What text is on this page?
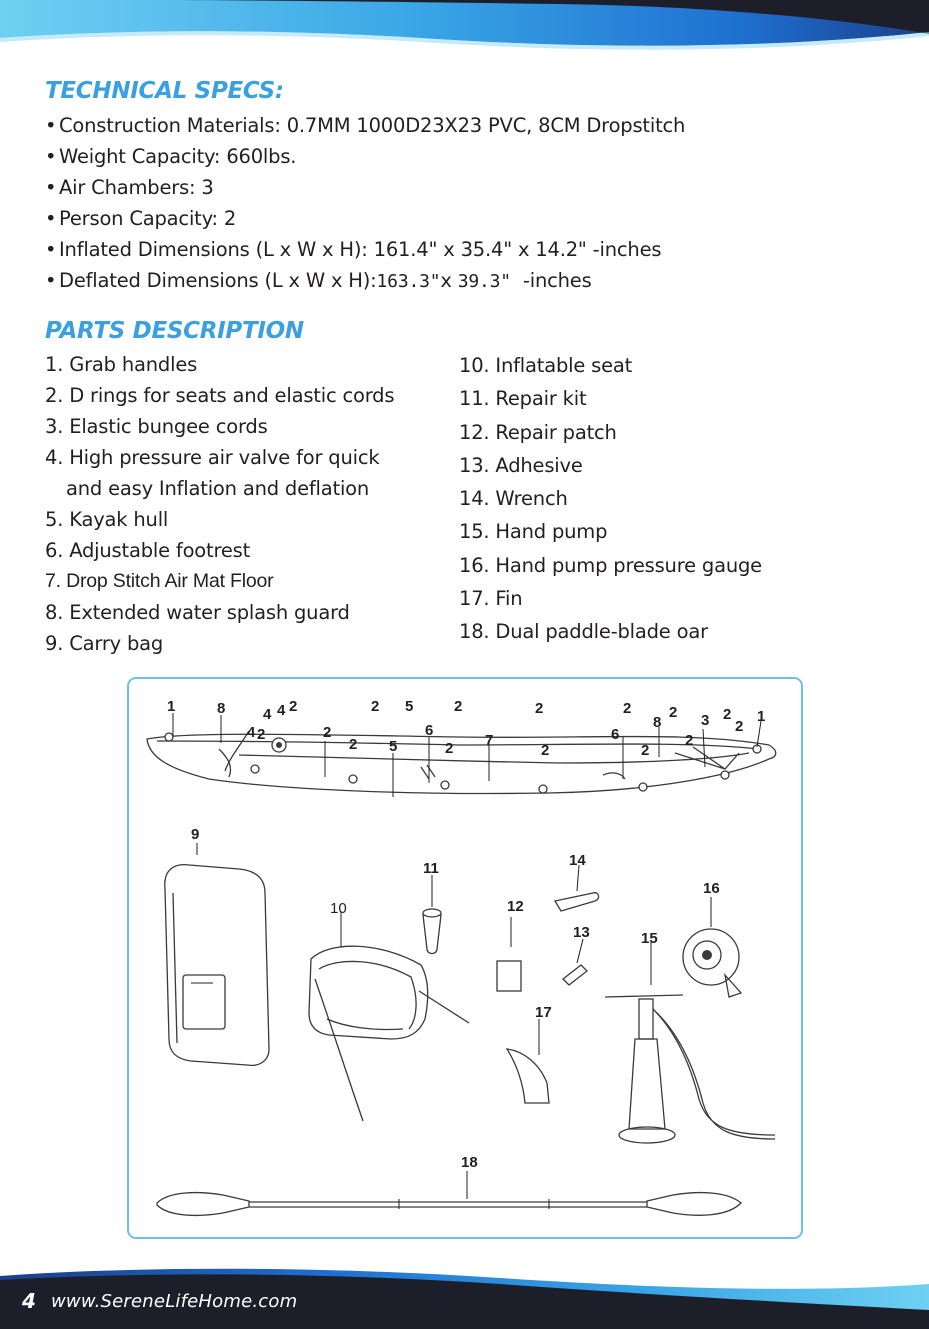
TECHNICAL SPECS:
• Construction Materials: 0.7MM 1000D23X23 PVC, 8CM Dropstitch
• Weight Capacity: 660lbs.
• Air Chambers: 3
• Person Capacity: 2
• Inflated Dimensions (L x W x H): 161.4" x 35.4" x 14.2" -inches
• Deflated Dimensions (L x W x H):163.3"x 39.3" -inches
PARTS DESCRIPTION
1. Grab handles
2. D rings for seats and elastic cords
3. Elastic bungee cords
4. High pressure air valve for quick
and easy Inflation and deflation
5. Kayak hull
6. Adjustable footrest
7. Drop Stitch Air Mat Floor
8. Extended water splash guard
9. Carry bag
10. Inflatable seat
11. Repair kit
12. Repair patch
13. Adhesive
14. Wrench
15. Hand pump
16. Hand pump pressure gauge
17. Fin
18. Dual paddle-blade oar
1	8	4 4 2	2 5	2	2	2
8
2 3 2
2
1
4 2	2
2 5
6
2 7
2
6
2
2
9
10
11
12
13
14
17
15
16
18
4 www.SereneLifeHome.com
